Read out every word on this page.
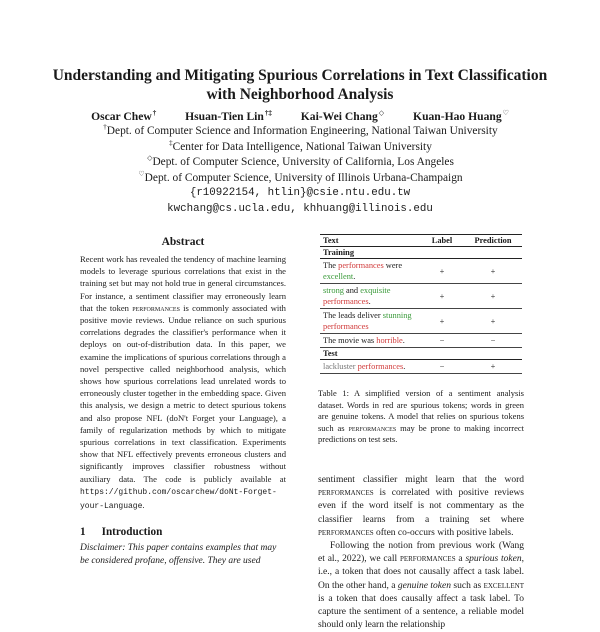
Understanding and Mitigating Spurious Correlations in Text Classification
with Neighborhood Analysis
Oscar Chew† Hsuan-Tien Lin†‡ Kai-Wei Chang◇ Kuan-Hao Huang♡
†Dept. of Computer Science and Information Engineering, National Taiwan University
‡Center for Data Intelligence, National Taiwan University
◇Dept. of Computer Science, University of California, Los Angeles
♡Dept. of Computer Science, University of Illinois Urbana-Champaign
{r10922154, htlin}@csie.ntu.edu.tw
kwchang@cs.ucla.edu, khhuang@illinois.edu
Abstract
Recent work has revealed the tendency of machine learning models to leverage spurious correlations that exist in the training set but may not hold true in general circumstances. For instance, a sentiment classifier may erroneously learn that the token performances is commonly associated with positive movie reviews. Undue reliance on such spurious correlations degrades the classifier's performance when it deploys on out-of-distribution data. In this paper, we examine the implications of spurious correlations through a novel perspective called neighborhood analysis, which shows how spurious correlations lead unrelated words to erroneously cluster together in the embedding space. Given this analysis, we design a metric to detect spurious tokens and also propose NFL (doN't Forget your Language), a family of regularization methods by which to mitigate spurious correlations in text classification. Experiments show that NFL effectively prevents erroneous clusters and significantly improves classifier robustness without auxiliary data. The code is publicly available at https://github.com/oscarchew/doNt-Forget-your-Language.
1 Introduction
Disclaimer: This paper contains examples that may be considered profane, offensive. They are used
Text	Label	Prediction
Training		
The performances were excellent.	+	+
strong and exquisite performances.	+	+
The leads deliver stunning performances	+	+
The movie was horrible.	−	−
Test		
lackluster performances.	−	+
Table 1: A simplified version of a sentiment analysis dataset. Words in red are spurious tokens; words in green are genuine tokens. A model that relies on spurious tokens such as performances may be prone to making incorrect predictions on test sets.

sentiment classifier might learn that the word performances is correlated with positive reviews even if the word itself is not commentary as the classifier learns from a training set where performances often co-occurs with positive labels.

Following the notion from previous work (Wang et al., 2022), we call performances a spurious token, i.e., a token that does not causally affect a task label. On the other hand, a genuine token such as excellent is a token that does causally affect a task label. To capture the sentiment of a sentence, a reliable model should only learn the relationship
